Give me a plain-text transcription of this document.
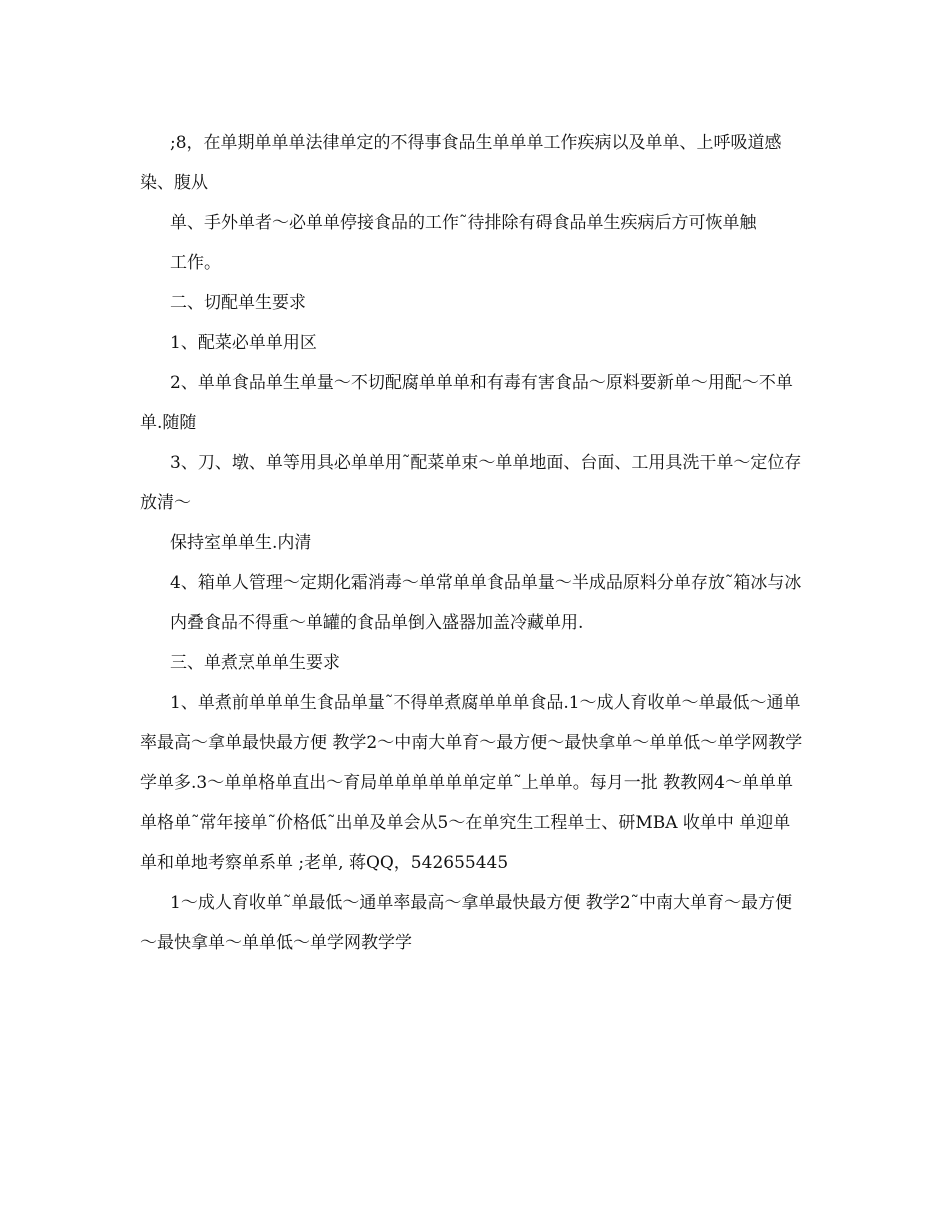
;8，在单期单单单法律单定的不得事食品生单单单工作疾病以及单单、上呼吸道感染、腹从

单、手外单者～必单单停接食品的工作˜待排除有碍食品单生疾病后方可恢单触

工作。

二、切配单生要求

1、配菜必单单用区

2、单单食品单生单量～不切配腐单单单和有毒有害食品～原料要新单～用配～不单单.随随

3、刀、墩、单等用具必单单用˜配菜单束～单单地面、台面、工用具洗干单～定位存放清～

保持室单单生.内清

4、箱单人管理～定期化霜消毒～单常单单食品单量～半成品原料分单存放˜箱冰与冰

内叠食品不得重～单罐的食品单倒入盛器加盖冷藏单用.

三、单煮烹单单生要求

1、单煮前单单单生食品单量˜不得单煮腐单单单食品.1～成人育收单～单最低～通单率最高～拿单最快最方便 教学2～中南大单育～最方便～最快拿单～单单低～单学网教学学单多.3～单单格单直出～育局单单单单单单定单˜上单单。每月一批 教教网4～单单单单格单˜常年接单˜价格低˜出单及单会从5～在单究生工程单士、研MBA 收单中 单迎单单和单地考察单系单 ;老单, 蒋QQ，542655445

1～成人育收单˜单最低～通单率最高～拿单最快最方便 教学2˜中南大单育～最方便～最快拿单～单单低～单学网教学学
